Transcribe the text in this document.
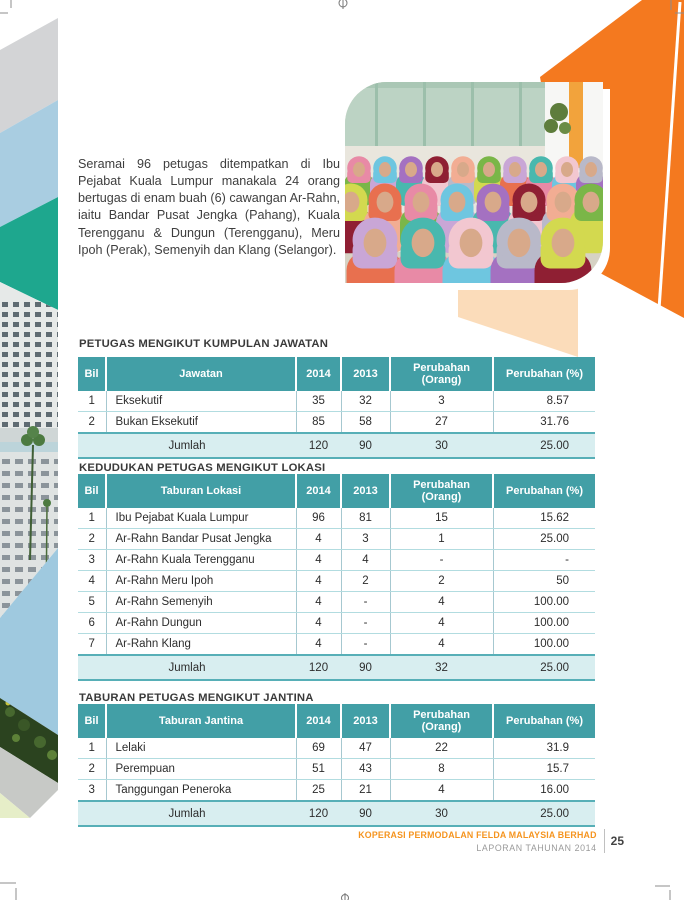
Seramai 96 petugas ditempatkan di Ibu Pejabat Kuala Lumpur manakala 24 orang bertugas di enam buah (6) cawangan Ar-Rahn, iaitu Bandar Pusat Jengka (Pahang), Kuala Terengganu & Dungun (Terengganu), Meru Ipoh (Perak), Semenyih dan Klang (Selangor).

PETUGAS MENGIKUT KUMPULAN JAWATAN
KEDUDUKAN PETUGAS MENGIKUT LOKASI
TABURAN PETUGAS MENGIKUT JANTINA
Bil	Jawatan	2014	2013	Perubahan (Orang)	Perubahan (%)
1	Eksekutif	35	32	3	8.57
2	Bukan Eksekutif	85	58	27	31.76
Jumlah		120	90	30	25.00
Bil	Taburan Lokasi	2014	2013	Perubahan (Orang)	Perubahan (%)
1	Ibu Pejabat Kuala Lumpur	96	81	15	15.62
2	Ar-Rahn Bandar Pusat Jengka	4	3	1	25.00
3	Ar-Rahn Kuala Terengganu	4	4	-	-
4	Ar-Rahn Meru Ipoh	4	2	2	50
5	Ar-Rahn Semenyih	4	-	4	100.00
6	Ar-Rahn Dungun	4	-	4	100.00
7	Ar-Rahn Klang	4	-	4	100.00
Jumlah		120	90	32	25.00
Bil	Taburan Jantina	2014	2013	Perubahan (Orang)	Perubahan (%)
1	Lelaki	69	47	22	31.9
2	Perempuan	51	43	8	15.7
3	Tanggungan Peneroka	25	21	4	16.00
Jumlah		120	90	30	25.00
KOPERASI PERMODALAN FELDA MALAYSIA BERHAD
LAPORAN TAHUNAN 2014 25
